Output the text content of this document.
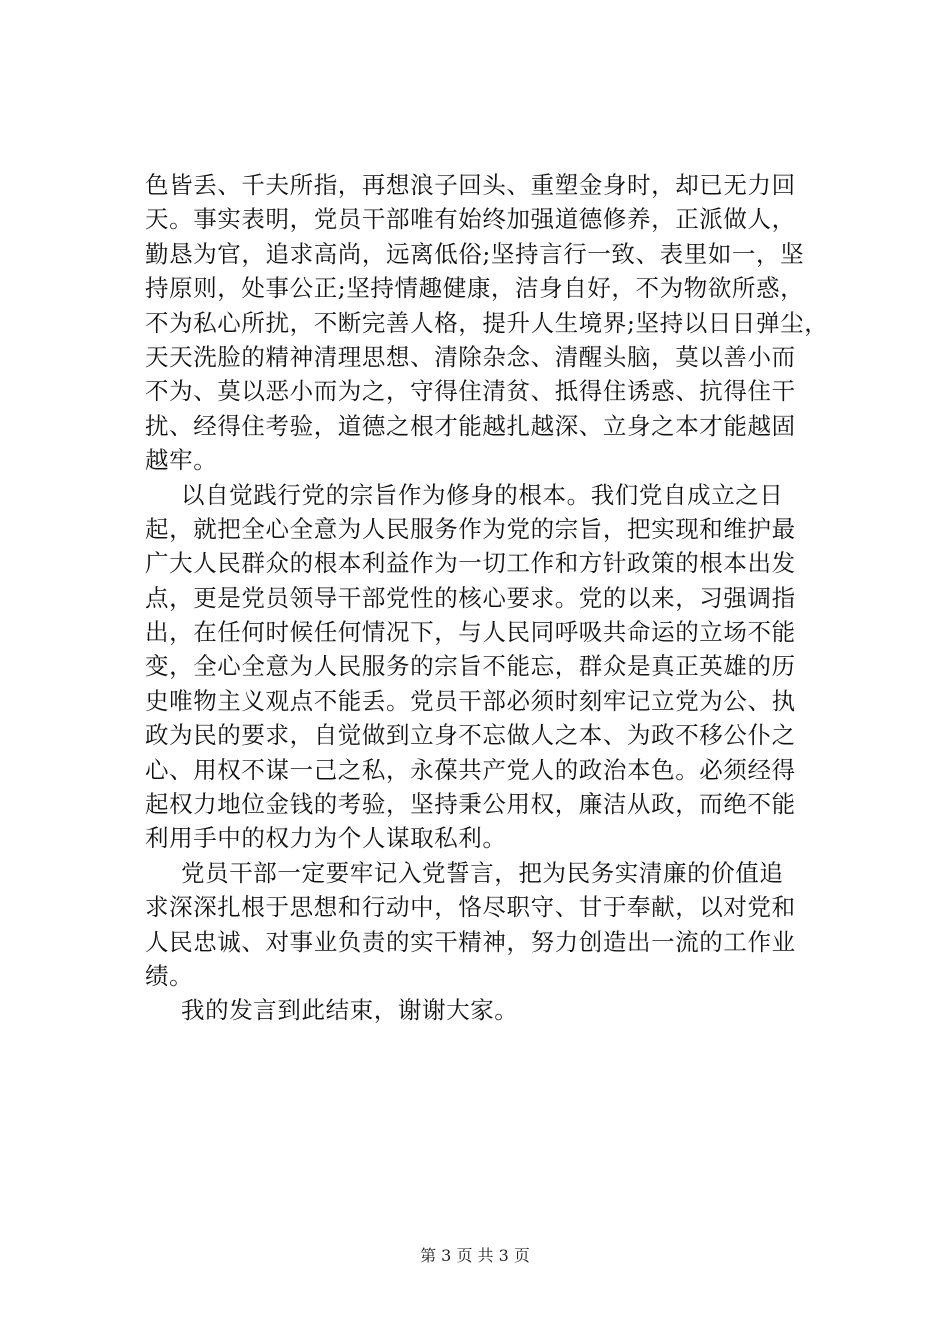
色皆丢、千夫所指，再想浪子回头、重塑金身时，却已无力回
天。事实表明，党员干部唯有始终加强道德修养，正派做人，
勤恳为官，追求高尚，远离低俗;坚持言行一致、表里如一，坚
持原则，处事公正;坚持情趣健康，洁身自好，不为物欲所惑，
不为私心所扰，不断完善人格，提升人生境界;坚持以日日弹尘，
天天洗脸的精神清理思想、清除杂念、清醒头脑，莫以善小而
不为、莫以恶小而为之，守得住清贫、抵得住诱惑、抗得住干
扰、经得住考验，道德之根才能越扎越深、立身之本才能越固
越牢。
以自觉践行党的宗旨作为修身的根本。我们党自成立之日
起，就把全心全意为人民服务作为党的宗旨，把实现和维护最
广大人民群众的根本利益作为一切工作和方针政策的根本出发
点，更是党员领导干部党性的核心要求。党的以来，习强调指
出，在任何时候任何情况下，与人民同呼吸共命运的立场不能
变，全心全意为人民服务的宗旨不能忘，群众是真正英雄的历
史唯物主义观点不能丢。党员干部必须时刻牢记立党为公、执
政为民的要求，自觉做到立身不忘做人之本、为政不移公仆之
心、用权不谋一己之私，永葆共产党人的政治本色。必须经得
起权力地位金钱的考验，坚持秉公用权，廉洁从政，而绝不能
利用手中的权力为个人谋取私利。
党员干部一定要牢记入党誓言，把为民务实清廉的价值追
求深深扎根于思想和行动中，恪尽职守、甘于奉献，以对党和
人民忠诚、对事业负责的实干精神，努力创造出一流的工作业
绩。
我的发言到此结束，谢谢大家。
第 3 页 共 3 页
